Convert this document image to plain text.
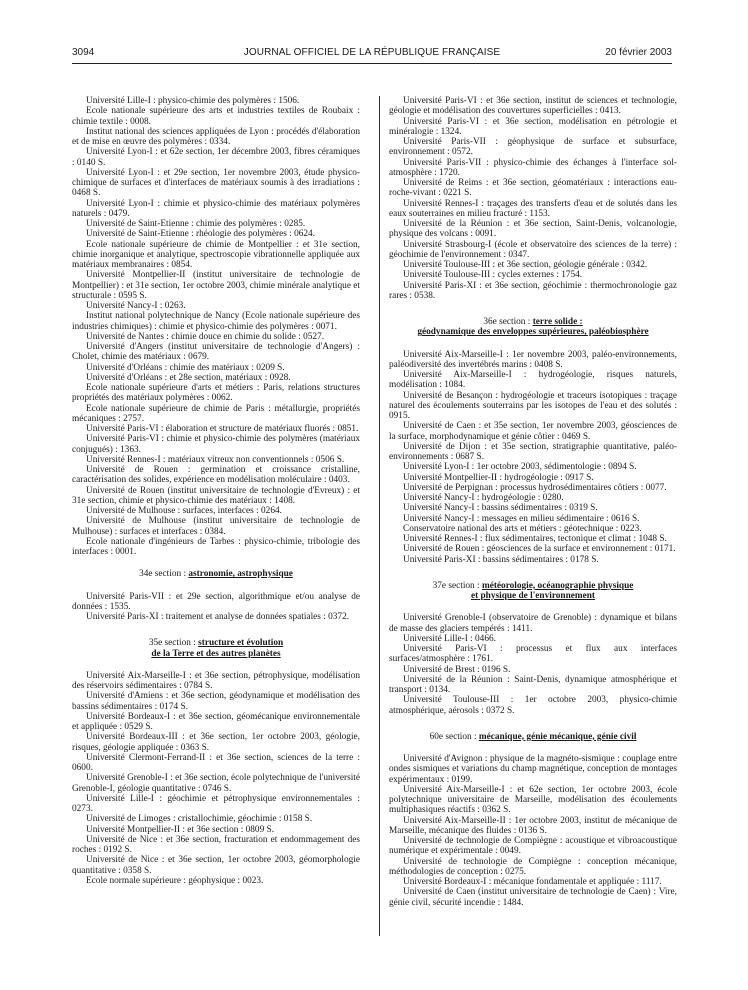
3094	JOURNAL OFFICIEL DE LA RÉPUBLIQUE FRANÇAISE	20 février 2003

Université Lille-I : physico-chimie des polymères : 1506.

Ecole nationale supérieure des arts et industries textiles de Roubaix : chimie textile : 0008.

Institut national des sciences appliquées de Lyon : procédés d'élaboration et de mise en œuvre des polymères : 0334.

Université Lyon-I : et 62e section, 1er décembre 2003, fibres céramiques : 0140 S.

Université Lyon-I : et 29e section, 1er novembre 2003, étude physico-chimique de surfaces et d'interfaces de matériaux soumis à des irradiations : 0468 S.

Université Lyon-I : chimie et physico-chimie des matériaux polymères naturels : 0479.

Université de Saint-Etienne : chimie des polymères : 0285.

Université de Saint-Etienne : rhéologie des polymères : 0624.

Ecole nationale supérieure de chimie de Montpellier : et 31e section, chimie inorganique et analytique, spectroscopie vibrationnelle appliquée aux matériaux membranaires : 0854.

Université Montpellier-II (institut universitaire de technologie de Montpellier) : et 31e section, 1er octobre 2003, chimie minérale analytique et structurale : 0595 S.

Université Nancy-I : 0263.

Institut national polytechnique de Nancy (Ecole nationale supérieure des industries chimiques) : chimie et physico-chimie des polymères : 0071.

Université de Nantes : chimie douce en chimie du solide : 0527.

Université d'Angers (institut universitaire de technologie d'Angers) : Cholet, chimie des matériaux : 0679.

Université d'Orléans : chimie des matériaux : 0209 S.

Université d'Orléans : et 28e section, matériaux : 0928.

Ecole nationale supérieure d'arts et métiers : Paris, relations structures propriétés des matériaux polymères : 0062.

Ecole nationale supérieure de chimie de Paris : métallurgie, propriétés mécaniques : 2757.

Université Paris-VI : élaboration et structure de matériaux fluorés : 0851.

Université Paris-VI : chimie et physico-chimie des polymères (matériaux conjugués) : 1363.

Université Rennes-I : matériaux vitreux non conventionnels : 0506 S.

Université de Rouen : germination et croissance cristalline, caractérisation des solides, expérience en modélisation moléculaire : 0403.

Université de Rouen (institut universitaire de technologie d'Evreux) : et 31e section, chimie et physico-chimie des matériaux : 1408.

Université de Mulhouse : surfaces, interfaces : 0264.

Université de Mulhouse (institut universitaire de technologie de Mulhouse) : surfaces et interfaces : 0384.

Ecole nationale d'ingénieurs de Tarbes : physico-chimie, tribologie des interfaces : 0001.

34e section : astronomie, astrophysique

Université Paris-VII : et 29e section, algorithmique et/ou analyse de données : 1535.

Université Paris-XI : traitement et analyse de données spatiales : 0372.

35e section : structure et évolution

de la Terre et des autres planètes

Université Aix-Marseille-I : et 36e section, pétrophysique, modélisation des réservoirs sédimentaires : 0784 S.

Université d'Amiens : et 36e section, géodynamique et modélisation des bassins sédimentaires : 0174 S.

Université Bordeaux-I : et 36e section, géomécanique environnementale et appliquée : 0529 S.

Université Bordeaux-III : et 36e section, 1er octobre 2003, géologie, risques, géologie appliquée : 0363 S.

Université Clermont-Ferrand-II : et 36e section, sciences de la terre : 0600.

Université Grenoble-I : et 36e section, école polytechnique de l'université Grenoble-I, géologie quantitative : 0746 S.

Université Lille-I : géochimie et pétrophysique environnementales : 0273.

Université de Limoges : cristallochimie, géochimie : 0158 S.

Université Montpellier-II : et 36e section : 0809 S.

Université de Nice : et 36e section, fracturation et endommagement des roches : 0192 S.

Université de Nice : et 36e section, 1er octobre 2003, géomorphologie quantitative : 0358 S.

Ecole normale supérieure : géophysique : 0023.

Université Paris-VI : et 36e section, institut de sciences et technologie, géologie et modélisation des couvertures superficielles : 0413.

Université Paris-VI : et 36e section, modélisation en pétrologie et minéralogie : 1324.

Université Paris-VII : géophysique de surface et subsurface, environnement : 0572.

Université Paris-VII : physico-chimie des échanges à l'interface sol-atmosphère : 1720.

Université de Reims : et 36e section, géomatériaux : interactions eau-roche-vivant : 0221 S.

Université Rennes-I : traçages des transferts d'eau et de solutés dans les eaux souterraines en milieu fracturé : 1153.

Université de la Réunion : et 36e section, Saint-Denis, volcanologie, physique des volcans : 0091.

Université Strasbourg-I (école et observatoire des sciences de la terre) : géochimie de l'environnement : 0347.

Université Toulouse-III : et 36e section, géologie générale : 0342.

Université Toulouse-III : cycles externes : 1754.

Université Paris-XI : et 36e section, géochimie : thermochronologie gaz rares : 0538.

36e section : terre solide :

géodynamique des enveloppes supérieures, paléobiosphère

Université Aix-Marseille-I : 1er novembre 2003, paléo-environnements, paléodiversité des invertébrés marins : 0408 S.

Université Aix-Marseille-I : hydrogéologie, risques naturels, modélisation : 1084.

Université de Besançon : hydrogéologie et traceurs isotopiques : traçage naturel des écoulements souterrains par les isotopes de l'eau et des solutés : 0915.

Université de Caen : et 35e section, 1er novembre 2003, géosciences de la surface, morphodynamique et génie côtier : 0469 S.

Université de Dijon : et 35e section, stratigraphie quantitative, paléo-environnements : 0687 S.

Université Lyon-I : 1er octobre 2003, sédimentologie : 0894 S.

Université Montpellier-II : hydrogéologie : 0917 S.

Université de Perpignan : processus hydrosédimentaires côtiers : 0077.

Université Nancy-I : hydrogéologie : 0280.

Université Nancy-I : bassins sédimentaires : 0319 S.

Université Nancy-I : messages en milieu sédimentaire : 0616 S.

Conservatoire national des arts et métiers : géotechnique : 0223.

Université Rennes-I : flux sédimentaires, tectonique et climat : 1048 S.

Université de Rouen : géosciences de la surface et environnement : 0171.

Université Paris-XI : bassins sédimentaires : 0178 S.

37e section : météorologie, océanographie physique

et physique de l'environnement

Université Grenoble-I (observatoire de Grenoble) : dynamique et bilans de masse des glaciers tempérés : 1411.

Université Lille-I : 0466.

Université Paris-VI : processus et flux aux interfaces surfaces/atmosphère : 1761.

Université de Brest : 0196 S.

Université de la Réunion : Saint-Denis, dynamique atmosphérique et transport : 0134.

Université Toulouse-III : 1er octobre 2003, physico-chimie atmosphérique, aérosols : 0372 S.

60e section : mécanique, génie mécanique, génie civil

Université d'Avignon : physique de la magnéto-sismique : couplage entre ondes sismiques et variations du champ magnétique, conception de montages expérimentaux : 0199.

Université Aix-Marseille-I : et 62e section, 1er octobre 2003, école polytechnique universitaire de Marseille, modélisation des écoulements multiphasiques réactifs : 0362 S.

Université Aix-Marseille-II : 1er octobre 2003, institut de mécanique de Marseille, mécanique des fluides : 0136 S.

Université de technologie de Compiègne : acoustique et vibroacoustique numérique et expérimentale : 0049.

Université de technologie de Compiègne : conception mécanique, méthodologies de conception : 0275.

Université Bordeaux-I : mécanique fondamentale et appliquée : 1117.

Université de Caen (institut universitaire de technologie de Caen) : Vire, génie civil, sécurité incendie : 1484.
